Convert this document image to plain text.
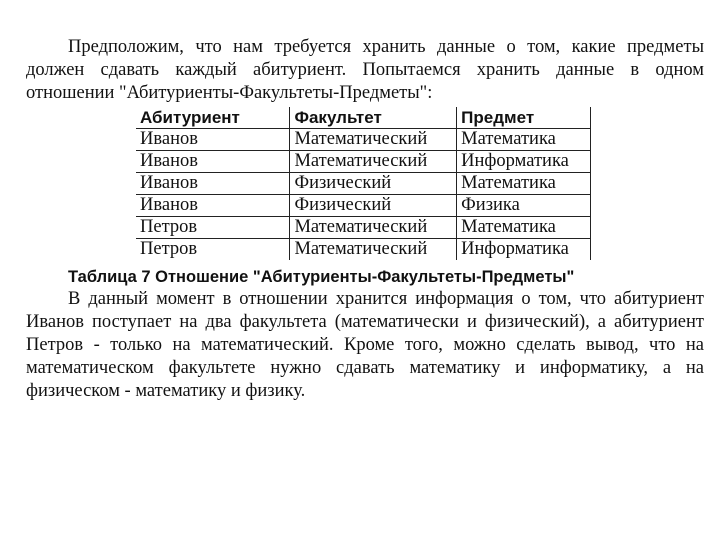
Предположим, что нам требуется хранить данные о том, какие предметы должен сдавать каждый абитуриент. Попытаемся хранить данные в одном отношении "Абитуриенты-Факультеты-Предметы":

Абитуриент	Факультет	Предмет
Иванов	Математический	Математика
Иванов	Математический	Информатика
Иванов	Физический	Математика
Иванов	Физический	Физика
Петров	Математический	Математика
Петров	Математический	Информатика

Таблица 7 Отношение "Абитуриенты-Факультеты-Предметы"

В данный момент в отношении хранится информация о том, что абитуриент Иванов поступает на два факультета (математически и физический), а абитуриент Петров - только на математический. Кроме того, можно сделать вывод, что на математическом факультете нужно сдавать математику и информатику, а на физическом - математику и физику.
